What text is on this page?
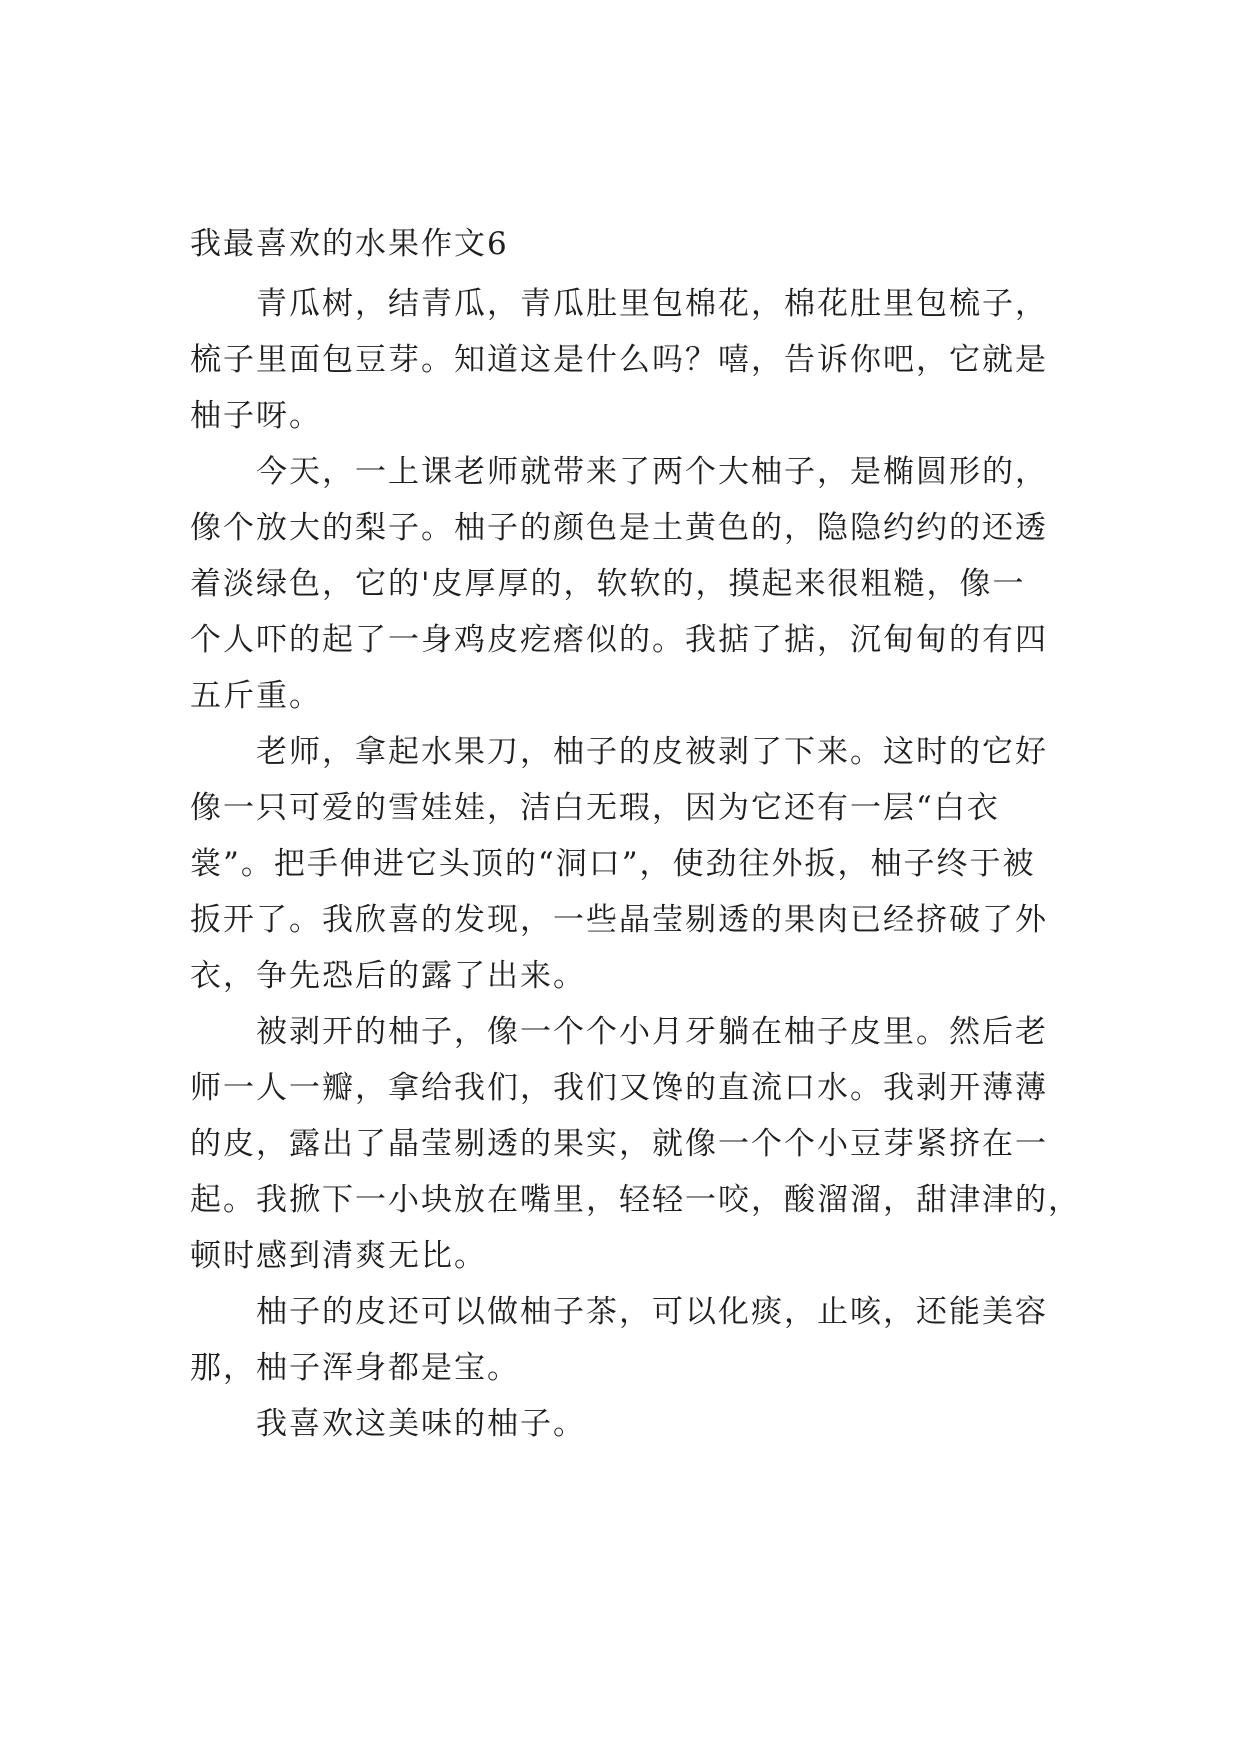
我最喜欢的水果作文6

青瓜树，结青瓜，青瓜肚里包棉花，棉花肚里包梳子，
梳子里面包豆芽。知道这是什么吗？嘻，告诉你吧，它就是
柚子呀。

今天，一上课老师就带来了两个大柚子，是椭圆形的，
像个放大的梨子。柚子的颜色是土黄色的，隐隐约约的还透
着淡绿色，它的'皮厚厚的，软软的，摸起来很粗糙，像一
个人吓的起了一身鸡皮疙瘩似的。我掂了掂，沉甸甸的有四
五斤重。

老师，拿起水果刀，柚子的皮被剥了下来。这时的它好
像一只可爱的雪娃娃，洁白无瑕，因为它还有一层“白衣
裳”。把手伸进它头顶的“洞口”，使劲往外扳，柚子终于被
扳开了。我欣喜的发现，一些晶莹剔透的果肉已经挤破了外
衣，争先恐后的露了出来。

被剥开的柚子，像一个个小月牙躺在柚子皮里。然后老
师一人一瓣，拿给我们，我们又馋的直流口水。我剥开薄薄
的皮，露出了晶莹剔透的果实，就像一个个小豆芽紧挤在一
起。我掀下一小块放在嘴里，轻轻一咬，酸溜溜，甜津津的，
顿时感到清爽无比。

柚子的皮还可以做柚子茶，可以化痰，止咳，还能美容
那，柚子浑身都是宝。

我喜欢这美味的柚子。
